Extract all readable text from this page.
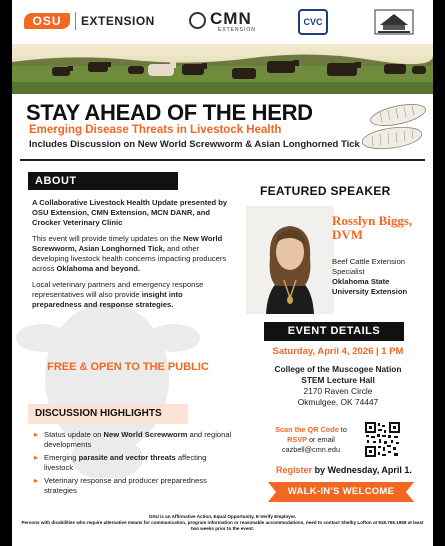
OSU	EXTENSION	CMN
EXTENSION
CVC
STAY AHEAD OF THE HERD
Emerging Disease Threats in Livestock Health
Includes Discussion on New World Screwworm & Asian Longhorned Tick
ABOUT

A Collaborative Livestock Health Update presented by OSU Extension, CMN Extension, MCN DANR, and Crocker Veterinary Clinic

This event will provide timely updates on the New World Screwworm, Asian Longhorned Tick, and other developing livestock health concerns impacting producers across Oklahoma and beyond.

Local veterinary partners and emergency response representatives will also provide insight into preparedness and response strategies.

FREE & OPEN TO THE PUBLIC
DISCUSSION HIGHLIGHTS
▸ Status update on New World Screwworm and regional developments
▸ Emerging parasite and vector threats affecting livestock
▸ Veterinary response and producer preparedness strategies
FEATURED SPEAKER
Rosslyn Biggs, DVM
Beef Cattle Extension Specialist
Oklahoma State University Extension
EVENT DETAILS
Saturday, April 4, 2026 | 1 PM
College of the Muscogee Nation
STEM Lecture Hall
2170 Raven Circle
Okmulgee, OK 74447
Scan the QR Code to
RSVP or email
cazbell@cmn.edu
Register by Wednesday, April 1.
WALK-IN'S WELCOME
OSU is an Affirmative Action, Equal Opportunity, E-Verify Employer.
Persons with disabilities who require alternative means for communication, program information or reasonable accommodations, need to contact Shelby Lofton at 918.756.1958 at least two weeks prior to the event.
